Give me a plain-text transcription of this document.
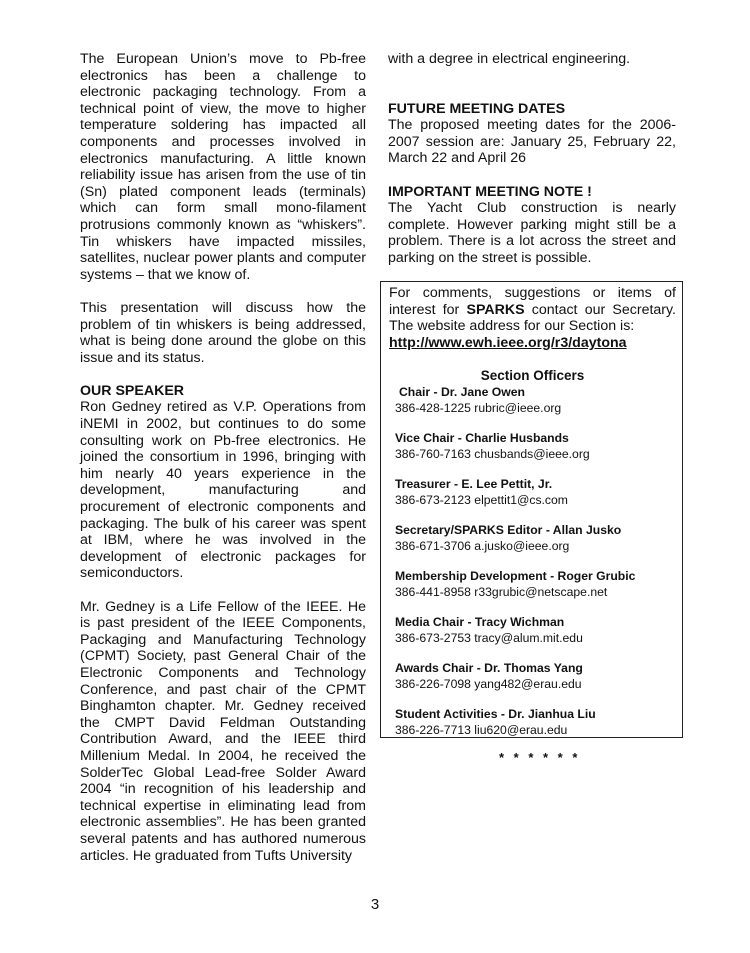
The European Union’s move to Pb-free electronics has been a challenge to electronic packaging technology. From a technical point of view, the move to higher temperature soldering has impacted all components and processes involved in electronics manufacturing. A little known reliability issue has arisen from the use of tin (Sn) plated component leads (terminals) which can form small mono-filament protrusions commonly known as “whiskers”. Tin whiskers have impacted missiles, satellites, nuclear power plants and computer systems – that we know of.

This presentation will discuss how the problem of tin whiskers is being addressed, what is being done around the globe on this issue and its status.

OUR SPEAKER

Ron Gedney retired as V.P. Operations from iNEMI in 2002, but continues to do some consulting work on Pb-free electronics. He joined the consortium in 1996, bringing with him nearly 40 years experience in the development, manufacturing and procurement of electronic components and packaging. The bulk of his career was spent at IBM, where he was involved in the development of electronic packages for semiconductors.

Mr. Gedney is a Life Fellow of the IEEE. He is past president of the IEEE Components, Packaging and Manufacturing Technology (CPMT) Society, past General Chair of the Electronic Components and Technology Conference, and past chair of the CPMT Binghamton chapter. Mr. Gedney received the CMPT David Feldman Outstanding Contribution Award, and the IEEE third Millenium Medal. In 2004, he received the SolderTec Global Lead-free Solder Award 2004 “in recognition of his leadership and technical expertise in eliminating lead from electronic assemblies”. He has been granted several patents and has authored numerous articles. He graduated from Tufts University

with a degree in electrical engineering.

FUTURE MEETING DATES

The proposed meeting dates for the 2006-2007 session are: January 25, February 22, March 22 and April 26

IMPORTANT MEETING NOTE !

The Yacht Club construction is nearly complete. However parking might still be a problem. There is a lot across the street and parking on the street is possible.

For comments, suggestions or items of interest for SPARKS contact our Secretary. The website address for our Section is:
http://www.ewh.ieee.org/r3/daytona
Section Officers
Chair - Dr. Jane Owen
386-428-1225 rubric@ieee.org
Vice Chair - Charlie Husbands
386-760-7163 chusbands@ieee.org
Treasurer - E. Lee Pettit, Jr.
386-673-2123 elpettit1@cs.com
Secretary/SPARKS Editor - Allan Jusko
386-671-3706 a.jusko@ieee.org
Membership Development - Roger Grubic
386-441-8958 r33grubic@netscape.net
Media Chair - Tracy Wichman
386-673-2753 tracy@alum.mit.edu
Awards Chair - Dr. Thomas Yang
386-226-7098 yang482@erau.edu
Student Activities - Dr. Jianhua Liu
386-226-7713 liu620@erau.edu
* * * * * *
3
